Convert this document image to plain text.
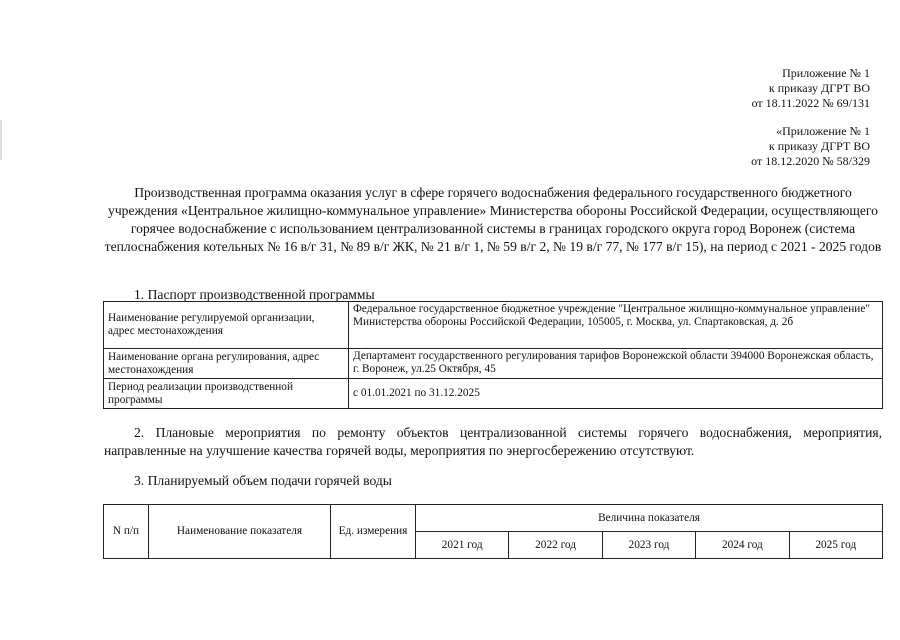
Приложение № 1
к приказу ДГРТ ВО
от 18.11.2022 № 69/131
«Приложение № 1
к приказу ДГРТ ВО
от 18.12.2020 № 58/329
Производственная программа оказания услуг в сфере горячего водоснабжения федерального государственного бюджетного учреждения «Центральное жилищно-коммунальное управление» Министерства обороны Российской Федерации, осуществляющего горячее водоснабжение с использованием централизованной системы в границах городского округа город Воронеж (система теплоснабжения котельных № 16 в/г 31, № 89 в/г ЖК, № 21 в/г 1, № 59 в/г 2, № 19 в/г 77, № 177 в/г 15), на период с 2021 - 2025 годов
1. Паспорт производственной программы
Наименование регулируемой организации, адрес местонахождения	Федеральное государственное бюджетное учреждение "Центральное жилищно-коммунальное управление" Министерства обороны Российской Федерации, 105005, г. Москва, ул. Спартаковская, д. 2б
Наименование органа регулирования, адрес местонахождения	Департамент государственного регулирования тарифов Воронежской области 394000 Воронежская область, г. Воронеж, ул.25 Октября, 45
Период реализации производственной программы	с 01.01.2021 по 31.12.2025
2. Плановые мероприятия по ремонту объектов централизованной системы горячего водоснабжения, мероприятия, направленные на улучшение качества горячей воды, мероприятия по энергосбережению отсутствуют.
3. Планируемый объем подачи горячей воды
N п/п	Наименование показателя	Ед. измерения	Величина показателя				
			2021 год	2022 год	2023 год	2024 год	2025 год
